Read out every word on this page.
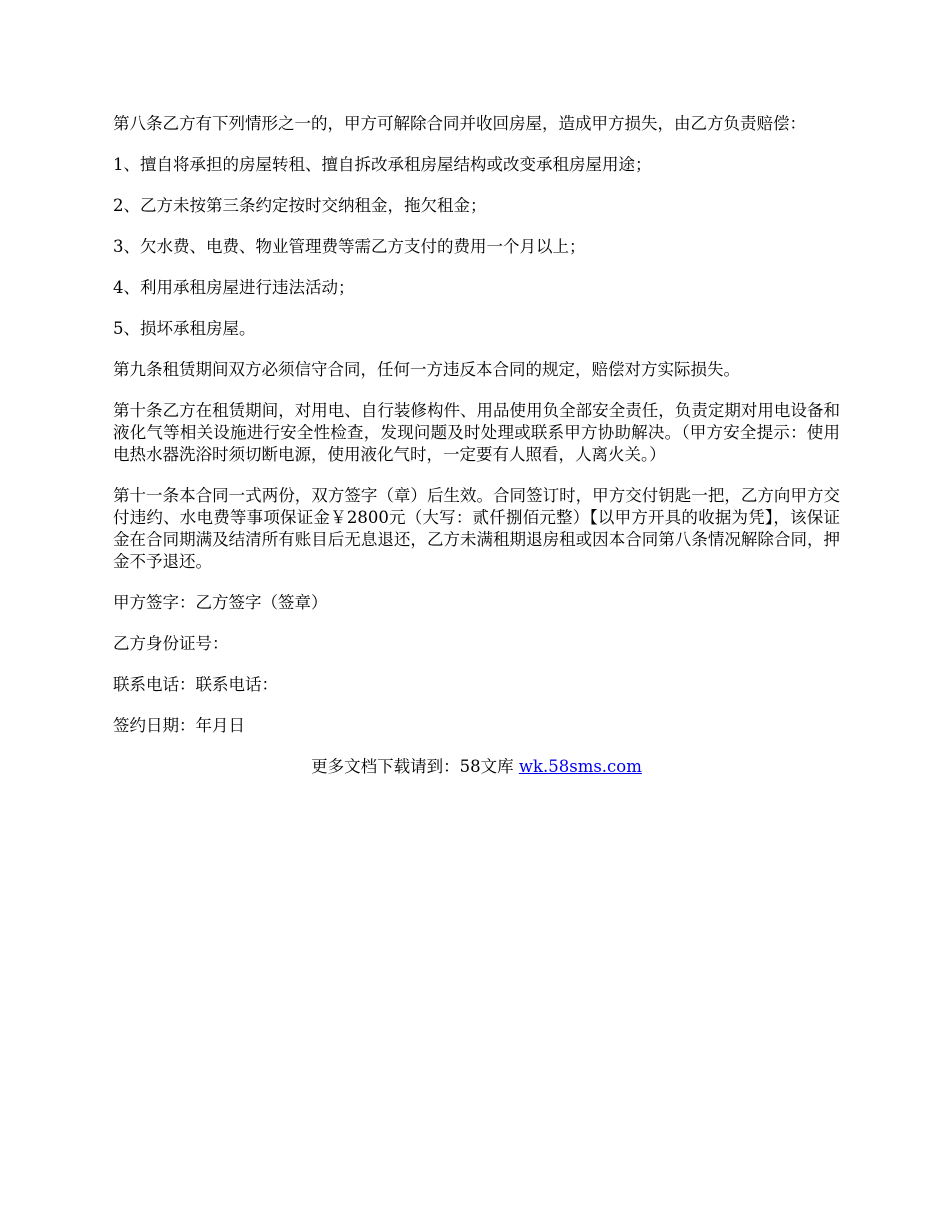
第八条乙方有下列情形之一的，甲方可解除合同并收回房屋，造成甲方损失，由乙方负责赔偿：

1、擅自将承担的房屋转租、擅自拆改承租房屋结构或改变承租房屋用途；

2、乙方未按第三条约定按时交纳租金，拖欠租金；

3、欠水费、电费、物业管理费等需乙方支付的费用一个月以上；

4、利用承租房屋进行违法活动；

5、损坏承租房屋。

第九条租赁期间双方必须信守合同，任何一方违反本合同的规定，赔偿对方实际损失。

第十条乙方在租赁期间，对用电、自行装修构件、用品使用负全部安全责任，负责定期对用电设备和液化气等相关设施进行安全性检查，发现问题及时处理或联系甲方协助解决。（甲方安全提示：使用电热水器洗浴时须切断电源，使用液化气时，一定要有人照看，人离火关。）

第十一条本合同一式两份，双方签字（章）后生效。合同签订时，甲方交付钥匙一把，乙方向甲方交付违约、水电费等事项保证金￥2800元（大写：贰仟捌佰元整）【以甲方开具的收据为凭】，该保证金在合同期满及结清所有账目后无息退还，乙方未满租期退房租或因本合同第八条情况解除合同，押金不予退还。

甲方签字：乙方签字（签章）

乙方身份证号：

联系电话：联系电话：

签约日期：年月日

更多文档下载请到：58文库 wk.58sms.com
